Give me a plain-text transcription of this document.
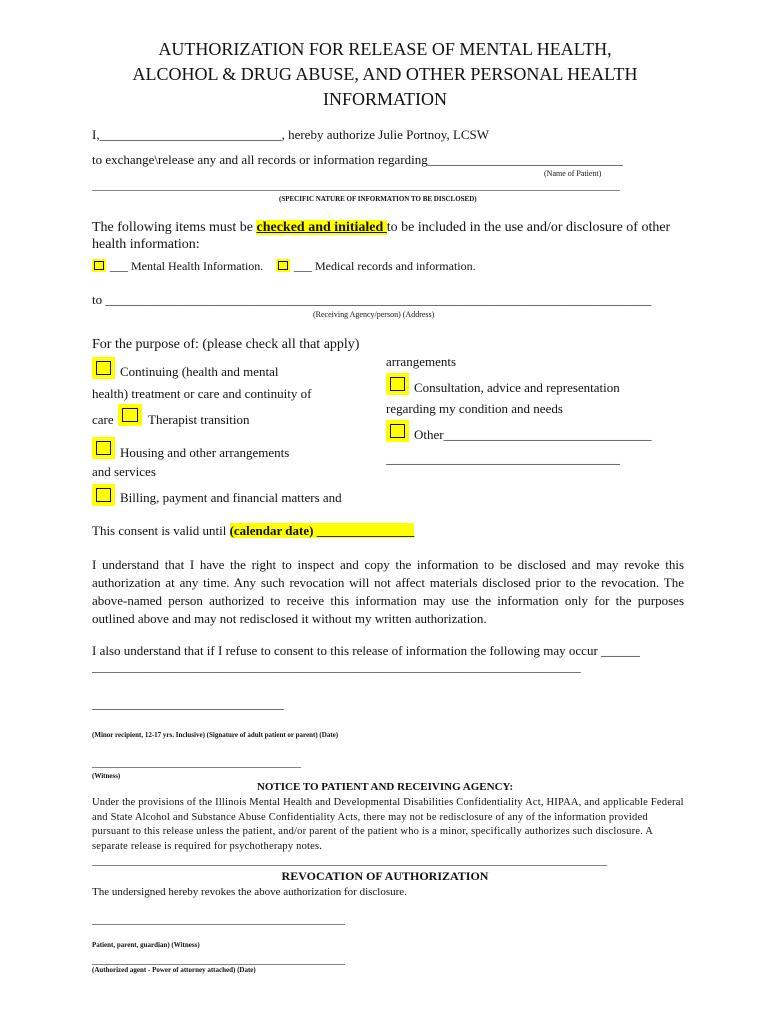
AUTHORIZATION FOR RELEASE OF MENTAL HEALTH,
ALCOHOL & DRUG ABUSE, AND OTHER PERSONAL HEALTH
INFORMATION
I,____________________________, hereby authorize Julie Portnoy, LCSW
to exchange\release any and all records or information regarding______________________________
(Name of Patient)
________________________________________________________________________________________________
(SPECIFIC NATURE OF INFORMATION TO BE DISCLOSED)
The following items must be checked and initialed to be included in the use and/or disclosure of other
health information:
___ Mental Health Information.	___ Medical records and information.
to ____________________________________________________________________________________
(Receiving Agency/person) (Address)
For the purpose of: (please check all that apply)
Continuing (health and mental
health) treatment or care and continuity of
care	Therapist transition
Housing and other arrangements
and services
Billing, payment and financial matters and
arrangements
Consultation, advice and representation
regarding my condition and needs
Other________________________________
____________________________________
This consent is valid until (calendar date) _______________
I understand that I have the right to inspect and copy the information to be disclosed and may revoke this authorization at any time. Any such revocation will not affect materials disclosed prior to the revocation. The above-named person authorized to receive this information may use the information only for the purposes outlined above and may not redisclosed it without my written authorization.
I also understand that if I refuse to consent to this release of information the following may occur ______
_____________________________________________________________________________________
________________________________
(Minor recipient, 12-17 yrs. Inclusive) (Signature of adult patient or parent) (Date)
______________________________________
(Witness)
NOTICE TO PATIENT AND RECEIVING AGENCY:
Under the provisions of the Illinois Mental Health and Developmental Disabilities Confidentiality Act, HIPAA, and applicable Federal and State Alcohol and Substance Abuse Confidentiality Acts, there may not be redisclosure of any of the information provided pursuant to this release unless the patient, and/or parent of the patient who is a minor, specifically authorizes such disclosure. A separate release is required for psychotherapy notes.
_______________________________________________________________________________________________________
REVOCATION OF AUTHORIZATION
The undersigned hereby revokes the above authorization for disclosure.
______________________________________________
Patient, parent, guardian) (Witness)
______________________________________________
(Authorized agent - Power of attorney attached) (Date)
